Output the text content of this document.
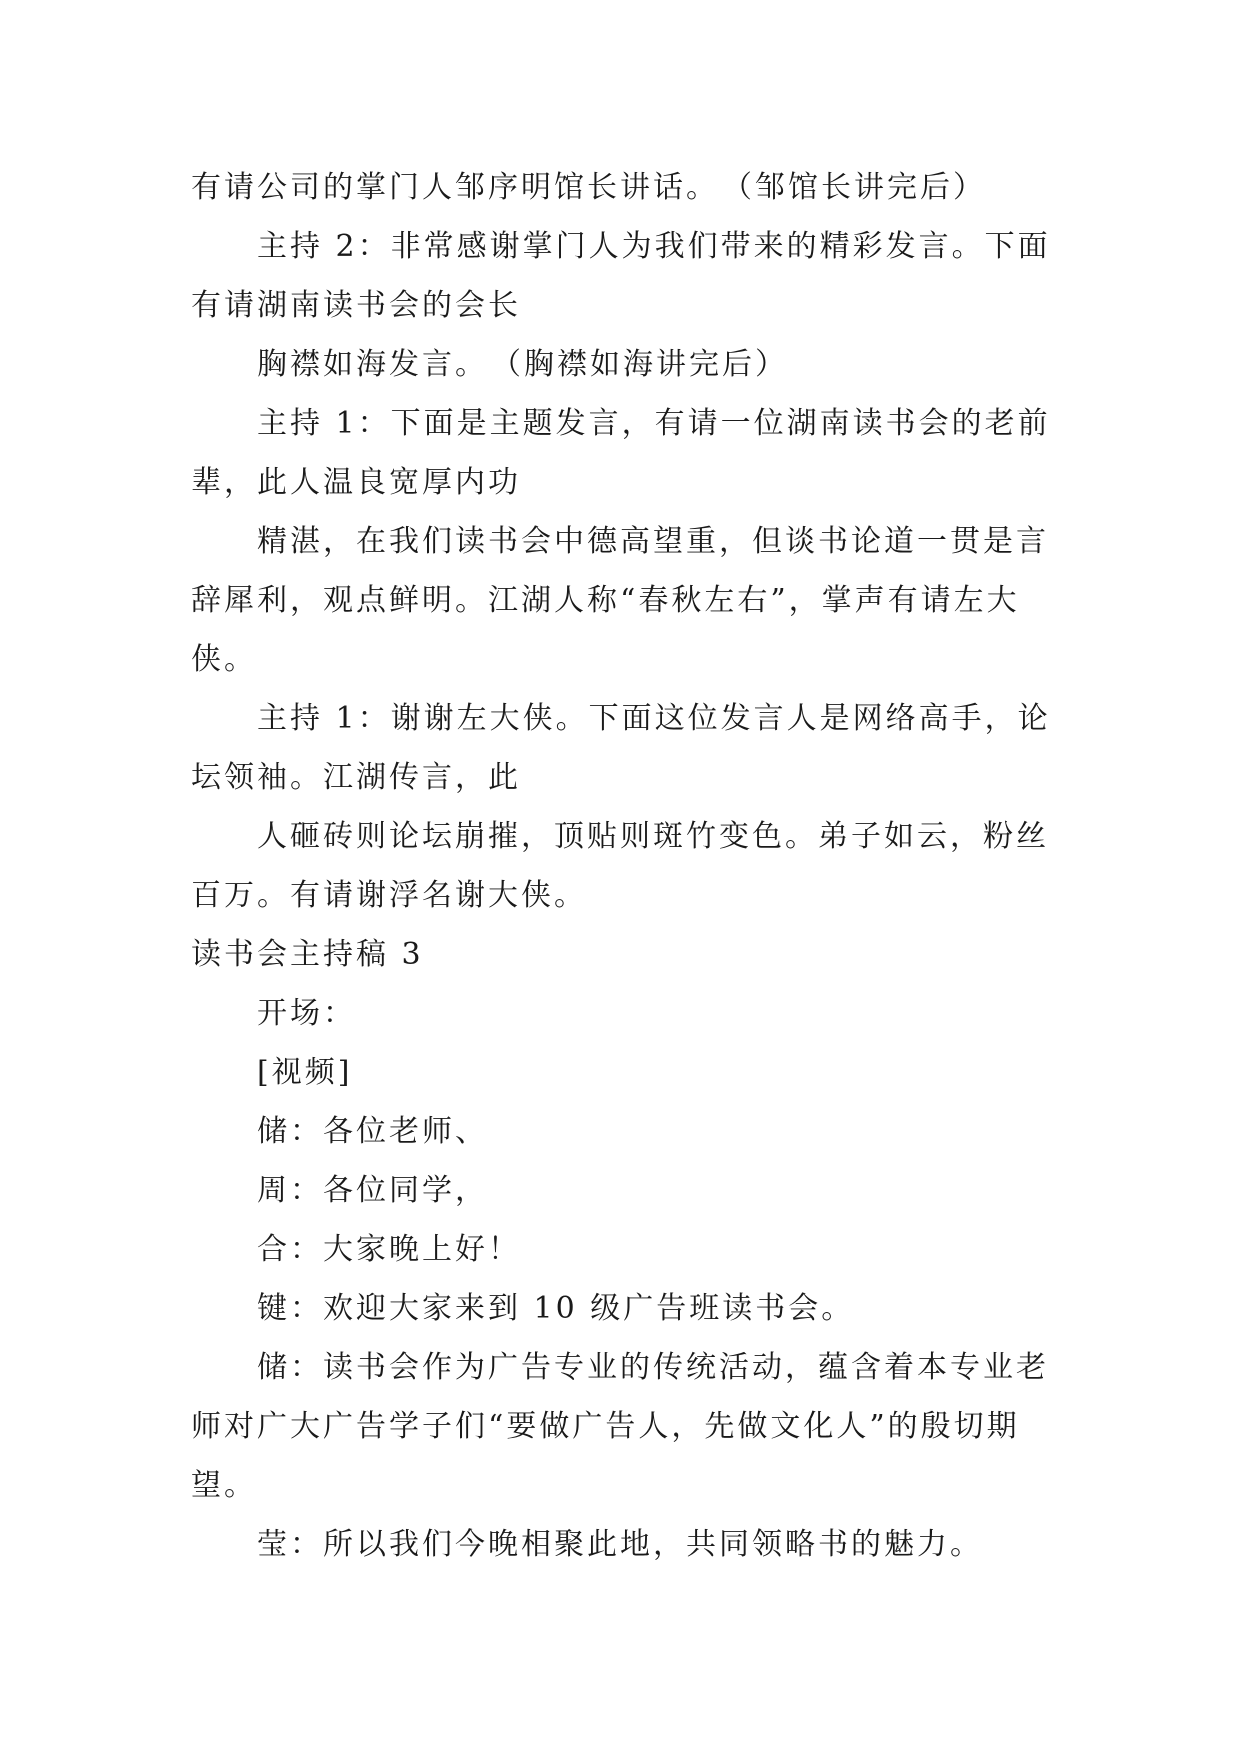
有请公司的掌门人邹序明馆长讲话。　（邹馆长讲完后）

主持 2：非常感谢掌门人为我们带来的精彩发言。下面有请湖南读书会的会长

胸襟如海发言。　（胸襟如海讲完后）

主持 1：下面是主题发言，有请一位湖南读书会的老前辈，此人温良宽厚内功

精湛，在我们读书会中德高望重，但谈书论道一贯是言辞犀利，观点鲜明。江湖人称“春秋左右”，掌声有请左大侠。

主持 1：谢谢左大侠。下面这位发言人是网络高手，论坛领袖。江湖传言，此

人砸砖则论坛崩摧，顶贴则斑竹变色。弟子如云，粉丝百万。有请谢浮名谢大侠。

读书会主持稿 3

开场：

[视频]

储：各位老师、

周：各位同学，

合：大家晚上好！

键：欢迎大家来到 10 级广告班读书会。

储：读书会作为广告专业的传统活动，蕴含着本专业老师对广大广告学子们“要做广告人，先做文化人”的殷切期望。

莹：所以我们今晚相聚此地，共同领略书的魅力。
